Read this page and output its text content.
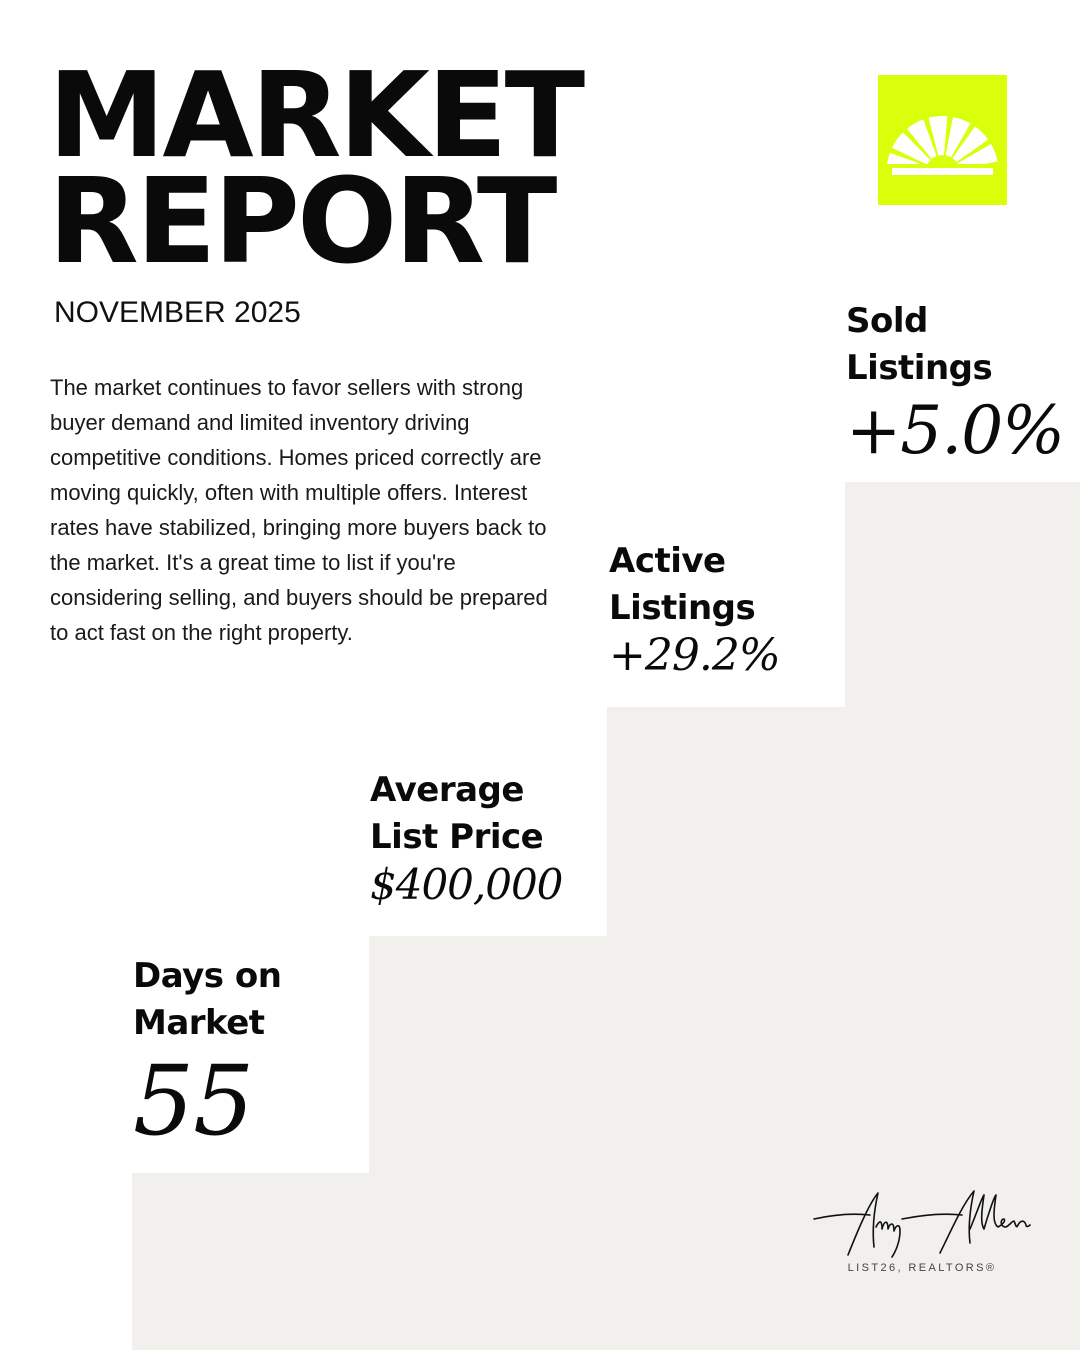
MARKET
REPORT
NOVEMBER 2025

The market continues to favor sellers with strong buyer demand and limited inventory driving competitive conditions. Homes priced correctly are moving quickly, often with multiple offers. Interest rates have stabilized, bringing more buyers back to the market. It's a great time to list if you're considering selling, and buyers should be prepared to act fast on the right property.

Sold
Listings
+5.0%
Active
Listings
+29.2%
Average
List Price
$400,000
Days on
Market
55
LIST26, REALTORS®
